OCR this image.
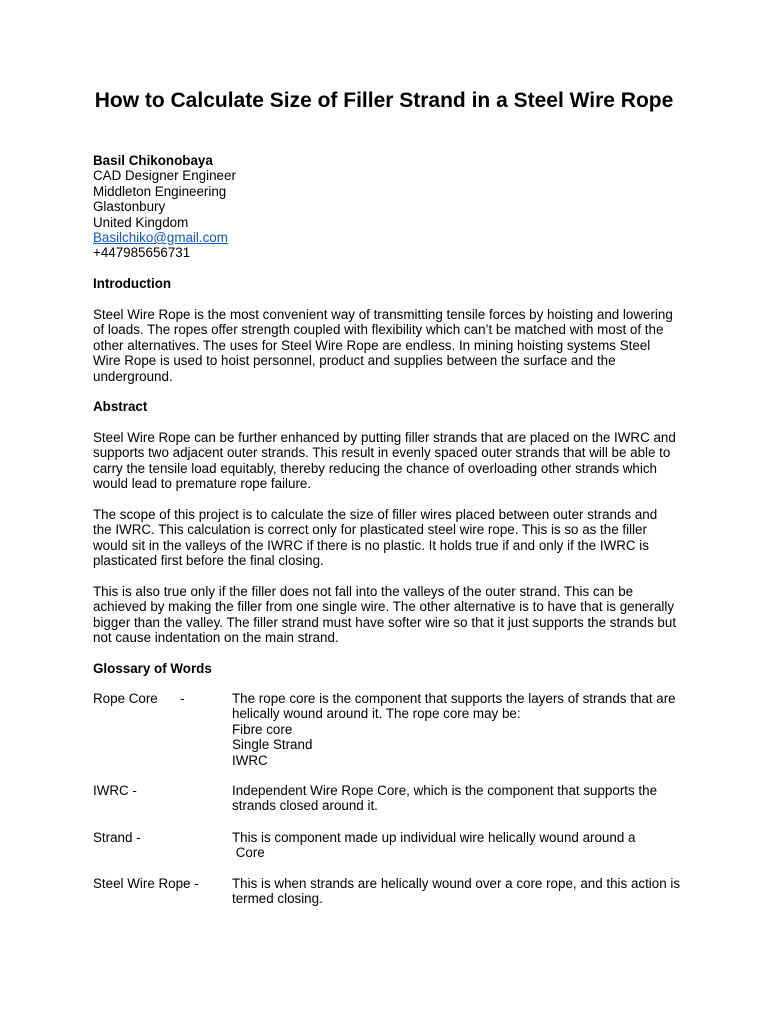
How to Calculate Size of Filler Strand in a Steel Wire Rope
Basil Chikonobaya
CAD Designer Engineer
Middleton Engineering
Glastonbury
United Kingdom
Basilchiko@gmail.com
+447985656731
Introduction

Steel Wire Rope is the most convenient way of transmitting tensile forces by hoisting and lowering of loads. The ropes offer strength coupled with flexibility which can’t be matched with most of the other alternatives. The uses for Steel Wire Rope are endless. In mining hoisting systems Steel Wire Rope is used to hoist personnel, product and supplies between the surface and the underground.

Abstract

Steel Wire Rope can be further enhanced by putting filler strands that are placed on the IWRC and supports two adjacent outer strands. This result in evenly spaced outer strands that will be able to carry the tensile load equitably, thereby reducing the chance of overloading other strands which would lead to premature rope failure.

The scope of this project is to calculate the size of filler wires placed between outer strands and the IWRC. This calculation is correct only for plasticated steel wire rope. This is so as the filler would sit in the valleys of the IWRC if there is no plastic. It holds true if and only if the IWRC is plasticated first before the final closing.

This is also true only if the filler does not fall into the valleys of the outer strand. This can be achieved by making the filler from one single wire. The other alternative is to have that is generally bigger than the valley. The filler strand must have softer wire so that it just supports the strands but not cause indentation on the main strand.

Glossary of Words
Rope Core      -	The rope core is the component that supports the layers of strands that are helically wound around it. The rope core may be:

Fibre core
Single Strand
IWRC
IWRC -	Independent Wire Rope Core, which is the component that supports the strands closed around it.

Strand -	This is component made up individual wire helically wound around a
Core
Steel Wire Rope - This is when strands are helically wound over a core rope, and this action is termed closing.
